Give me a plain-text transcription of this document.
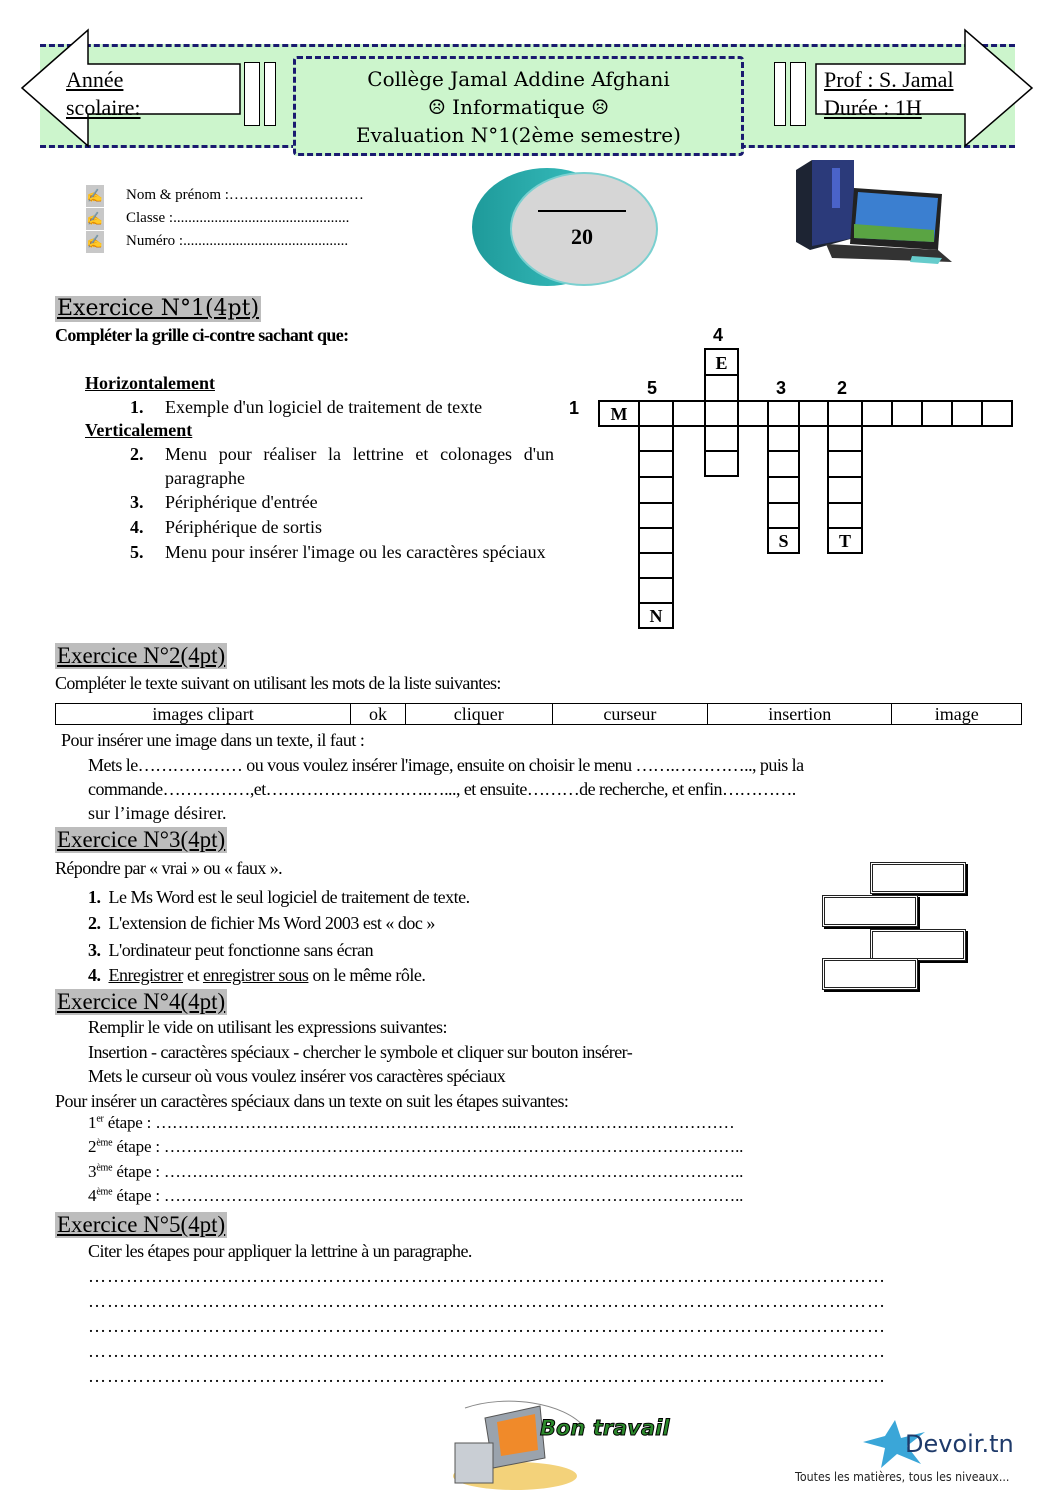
Année
scolaire:
Collège Jamal Addine Afghani
☹ Informatique ☹
Evaluation N°1(2ème semestre)
Prof : S. Jamal
Durée : 1H
✍ Nom & prénom :………………………
✍ Classe :...............................................
✍ Numéro :............................................	20
Exercice N°1(4pt)
Compléter la grille ci-contre sachant que:
Horizontalement
1. Exemple d'un logiciel de traitement de texte
Verticalement
2. Menu pour réaliser la lettrine et colonages d'un paragraphe
3. Périphérique d'entrée
4. Périphérique de sortis
5. Menu pour insérer l'image ou les caractères spéciaux
1
5
4
3	2
M
N
E
S	T
Exercice N°2(4pt)
Compléter le texte suivant on utilisant les mots de la liste suivantes:
images clipart	ok	cliquer	curseur	insertion	image
Pour insérer une image dans un texte, il faut :
Mets le……………… ou vous voulez insérer l'image, ensuite on choisir le menu …….………….., puis la
commande……………,et……………………….…..., et ensuite………de recherche, et enfin………….
sur l’image désirer.
Exercice N°3(4pt)
Répondre par « vrai » ou « faux ».
1. Le Ms Word est le seul logiciel de traitement de texte.
2. L'extension de fichier Ms Word 2003 est « doc »
3. L'ordinateur peut fonctionne sans écran
4. Enregistrer et enregistrer sous on le même rôle.
Exercice N°4(4pt)
Remplir le vide on utilisant les expressions suivantes:
Insertion - caractères spéciaux - chercher le symbole et cliquer sur bouton insérer-
Mets le curseur où vous voulez insérer vos caractères spéciaux
Pour insérer un caractères spéciaux dans un texte on suit les étapes suivantes:
1er étape : ………………………………………………………..…………………………………
2ème étape : …………………………………………………………………………………………..
3ème étape : …………………………………………………………………………………………..
4ème étape : …………………………………………………………………………………………..
Exercice N°5(4pt)
Citer les étapes pour appliquer la lettrine à un paragraphe.
………………………………………………………………………………………………………………
………………………………………………………………………………………………………………
………………………………………………………………………………………………………………
………………………………………………………………………………………………………………
………………………………………………………………………………………………………………
Bon travail
Devoir.tn
Toutes les matières, tous les niveaux...
